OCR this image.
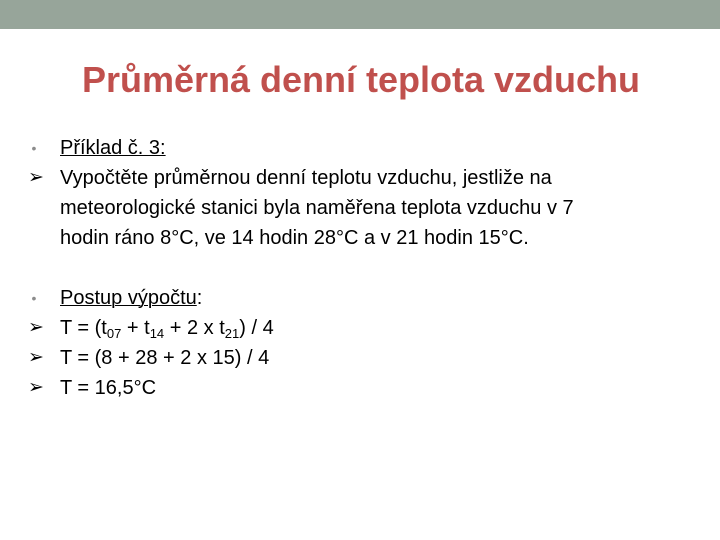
Průměrná denní teplota vzduchu
• Příklad č. 3:
➢ Vypočtěte průměrnou denní teplotu vzduchu, jestliže na
meteorologické stanici byla naměřena teplota vzduchu v 7
hodin ráno 8°C, ve 14 hodin 28°C a v 21 hodin 15°C.
• Postup výpočtu:
➢ $T = (t_{07} + t_{14} + 2$ x $t_{21}) / 4$
➢ T = (8 + 28 + 2 x 15) / 4
➢ T = 16,5°C
